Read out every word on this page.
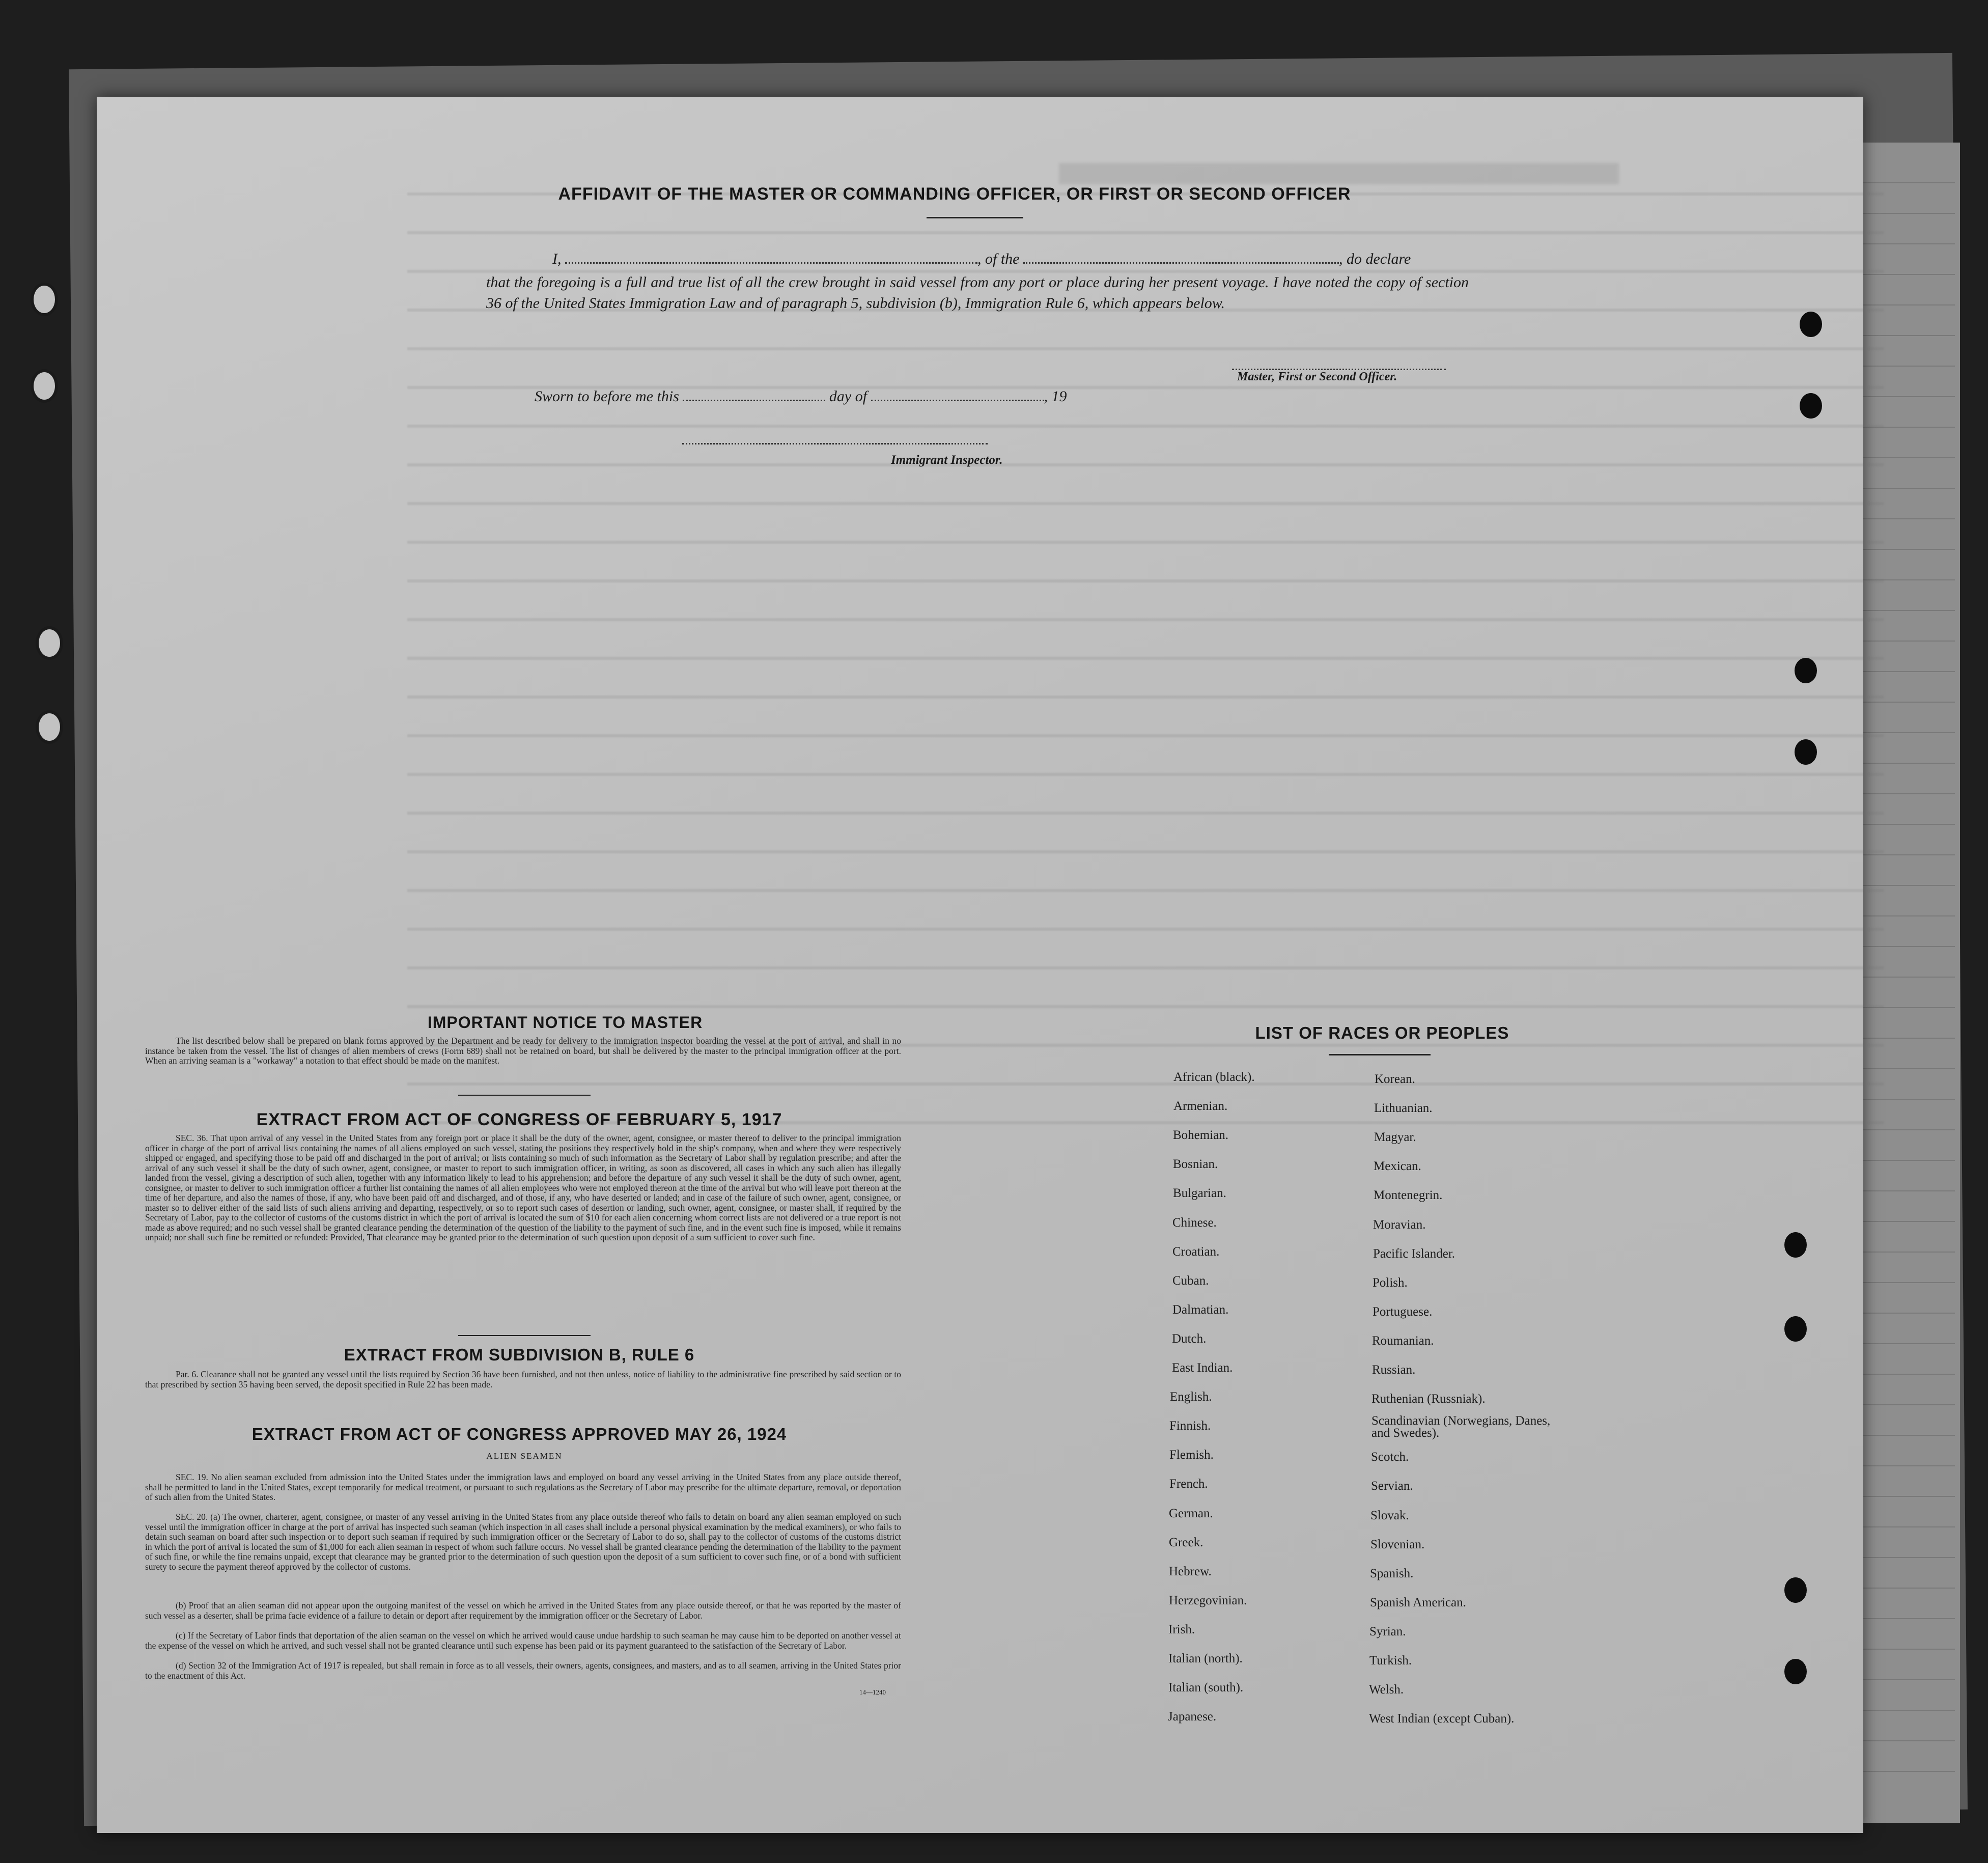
AFFIDAVIT OF THE MASTER OR COMMANDING OFFICER, OR FIRST OR SECOND OFFICER
I,	, of the	, do declare
that the foregoing is a full and true list of all the crew brought in said vessel from any port or place during her present voyage. I have noted the copy of section 36 of the United States Immigration Law and of paragraph 5, subdivision (b), Immigration Rule 6, which appears below.
Master, First or Second Officer.
Sworn to before me this	day of	, 19
Immigrant Inspector.
IMPORTANT NOTICE TO MASTER
The list described below shall be prepared on blank forms approved by the Department and be ready for delivery to the immigration inspector boarding the vessel at the port of arrival, and shall in no instance be taken from the vessel. The list of changes of alien members of crews (Form 689) shall not be retained on board, but shall be delivered by the master to the principal immigration officer at the port. When an arriving seaman is a "workaway" a notation to that effect should be made on the manifest.
EXTRACT FROM ACT OF CONGRESS OF FEBRUARY 5, 1917
SEC. 36. That upon arrival of any vessel in the United States from any foreign port or place it shall be the duty of the owner, agent, consignee, or master thereof to deliver to the principal immigration officer in charge of the port of arrival lists containing the names of all aliens employed on such vessel, stating the positions they respectively hold in the ship's company, when and where they were respectively shipped or engaged, and specifying those to be paid off and discharged in the port of arrival; or lists containing so much of such information as the Secretary of Labor shall by regulation prescribe; and after the arrival of any such vessel it shall be the duty of such owner, agent, consignee, or master to report to such immigration officer, in writing, as soon as discovered, all cases in which any such alien has illegally landed from the vessel, giving a description of such alien, together with any information likely to lead to his apprehension; and before the departure of any such vessel it shall be the duty of such owner, agent, consignee, or master to deliver to such immigration officer a further list containing the names of all alien employees who were not employed thereon at the time of the arrival but who will leave port thereon at the time of her departure, and also the names of those, if any, who have been paid off and discharged, and of those, if any, who have deserted or landed; and in case of the failure of such owner, agent, consignee, or master so to deliver either of the said lists of such aliens arriving and departing, respectively, or so to report such cases of desertion or landing, such owner, agent, consignee, or master shall, if required by the Secretary of Labor, pay to the collector of customs of the customs district in which the port of arrival is located the sum of $10 for each alien concerning whom correct lists are not delivered or a true report is not made as above required; and no such vessel shall be granted clearance pending the determination of the question of the liability to the payment of such fine, and in the event such fine is imposed, while it remains unpaid; nor shall such fine be remitted or refunded: Provided, That clearance may be granted prior to the determination of such question upon deposit of a sum sufficient to cover such fine.
EXTRACT FROM SUBDIVISION B, RULE 6
Par. 6. Clearance shall not be granted any vessel until the lists required by Section 36 have been furnished, and not then unless, notice of liability to the administrative fine prescribed by said section or to that prescribed by section 35 having been served, the deposit specified in Rule 22 has been made.
EXTRACT FROM ACT OF CONGRESS APPROVED MAY 26, 1924
ALIEN SEAMEN
SEC. 19. No alien seaman excluded from admission into the United States under the immigration laws and employed on board any vessel arriving in the United States from any place outside thereof, shall be permitted to land in the United States, except temporarily for medical treatment, or pursuant to such regulations as the Secretary of Labor may prescribe for the ultimate departure, removal, or deportation of such alien from the United States.
SEC. 20. (a) The owner, charterer, agent, consignee, or master of any vessel arriving in the United States from any place outside thereof who fails to detain on board any alien seaman employed on such vessel until the immigration officer in charge at the port of arrival has inspected such seaman (which inspection in all cases shall include a personal physical examination by the medical examiners), or who fails to detain such seaman on board after such inspection or to deport such seaman if required by such immigration officer or the Secretary of Labor to do so, shall pay to the collector of customs of the customs district in which the port of arrival is located the sum of $1,000 for each alien seaman in respect of whom such failure occurs. No vessel shall be granted clearance pending the determination of the liability to the payment of such fine, or while the fine remains unpaid, except that clearance may be granted prior to the determination of such question upon the deposit of a sum sufficient to cover such fine, or of a bond with sufficient surety to secure the payment thereof approved by the collector of customs.
(b) Proof that an alien seaman did not appear upon the outgoing manifest of the vessel on which he arrived in the United States from any place outside thereof, or that he was reported by the master of such vessel as a deserter, shall be prima facie evidence of a failure to detain or deport after requirement by the immigration officer or the Secretary of Labor.
(c) If the Secretary of Labor finds that deportation of the alien seaman on the vessel on which he arrived would cause undue hardship to such seaman he may cause him to be deported on another vessel at the expense of the vessel on which he arrived, and such vessel shall not be granted clearance until such expense has been paid or its payment guaranteed to the satisfaction of the Secretary of Labor.
(d) Section 32 of the Immigration Act of 1917 is repealed, but shall remain in force as to all vessels, their owners, agents, consignees, and masters, and as to all seamen, arriving in the United States prior to the enactment of this Act.
14—1240
LIST OF RACES OR PEOPLES
African (black).
Armenian.
Bohemian.
Bosnian.
Bulgarian.
Chinese.
Croatian.
Cuban.
Dalmatian.
Dutch.
East Indian.
English.
Finnish.
Flemish.
French.
German.
Greek.
Hebrew.
Herzegovinian.
Irish.
Italian (north).
Italian (south).
Japanese.
Korean.
Lithuanian.
Magyar.
Mexican.
Montenegrin.
Moravian.
Pacific Islander.
Polish.
Portuguese.
Roumanian.
Russian.
Ruthenian (Russniak).
Scandinavian (Norwegians, Danes, and Swedes).
Scotch.
Servian.
Slovak.
Slovenian.
Spanish.
Spanish American.
Syrian.
Turkish.
Welsh.
West Indian (except Cuban).
